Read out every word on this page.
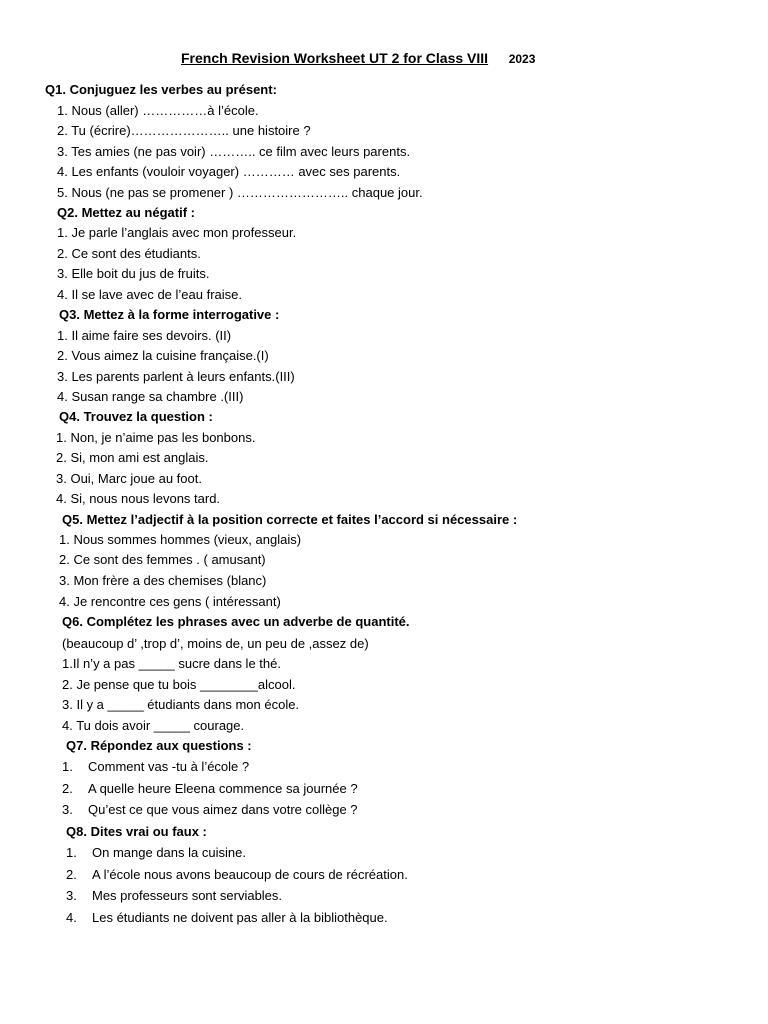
French Revision Worksheet UT 2 for Class VIII 2023
Q1. Conjuguez les verbes au présent:
1. Nous (aller) ……………à l’école.
2. Tu (écrire)………………….. une histoire ?
3. Tes amies (ne pas voir) ……….. ce film avec leurs parents.
4. Les enfants (vouloir voyager) ………… avec ses parents.
5. Nous (ne pas se promener ) …………………….. chaque jour.
Q2. Mettez au négatif :
1. Je parle l’anglais avec mon professeur.
2. Ce sont des étudiants.
3. Elle boit du jus de fruits.
4. Il se lave avec de l’eau fraise.
Q3. Mettez à la forme interrogative :
1. Il aime faire ses devoirs. (II)
2. Vous aimez la cuisine française.(I)
3. Les parents parlent à leurs enfants.(III)
4. Susan range sa chambre .(III)
Q4. Trouvez la question :
1. Non, je n’aime pas les bonbons.
2. Si, mon ami est anglais.
3. Oui, Marc joue au foot.
4. Si, nous nous levons tard.
Q5. Mettez l’adjectif à la position correcte et faites l’accord si nécessaire :
1. Nous sommes hommes (vieux, anglais)
2. Ce sont des femmes . ( amusant)
3. Mon frère a des chemises (blanc)
4. Je rencontre ces gens ( intéressant)
Q6. Complétez les phrases avec un adverbe de quantité.
(beaucoup d’ ,trop d’, moins de, un peu de ,assez de)
1.Il n’y a pas _____ sucre dans le thé.
2. Je pense que tu bois ________alcool.
3. Il y a _____ étudiants dans mon école.
4. Tu dois avoir _____ courage.
Q7. Répondez aux questions :
1. Comment vas -tu à l’école ?
2. A quelle heure Eleena commence sa journée ?
3. Qu’est ce que vous aimez dans votre collège ?
Q8. Dites vrai ou faux :
1. On mange dans la cuisine.
2. A l’école nous avons beaucoup de cours de récréation.
3. Mes professeurs sont serviables.
4. Les étudiants ne doivent pas aller à la bibliothèque.
